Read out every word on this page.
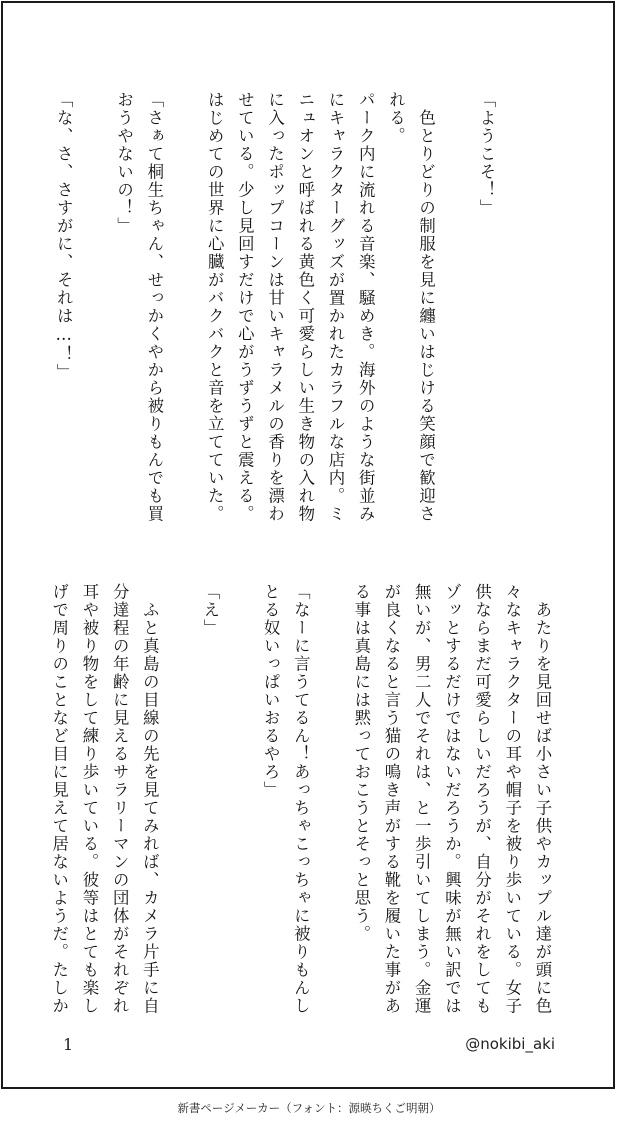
「ようこそ！」

　色とりどりの制服を見に纏いはじける笑顔で歓迎さ
れる。
パーク内に流れる音楽、騒めき。海外のような街並み
にキャラクターグッズが置かれたカラフルな店内。ミ
ニュオンと呼ばれる黄色く可愛らしい生き物の入れ物
に入ったポップコーンは甘いキャラメルの香りを漂わ
せている。少し見回すだけで心がうずうずと震える。
はじめての世界に心臓がバクバクと音を立てていた。

「さぁて桐生ちゃん、せっかくやから被りもんでも買
おうやないの！」

「な、さ、さすがに、それは…！」
　あたりを見回せば小さい子供やカップル達が頭に色
々なキャラクターの耳や帽子を被り歩いている。女子
供ならまだ可愛らしいだろうが、自分がそれをしても
ゾッとするだけではないだろうか。興味が無い訳では
無いが、男二人でそれは、と一歩引いてしまう。金運
が良くなると言う猫の鳴き声がする靴を履いた事があ
る事は真島には黙っておこうとそっと思う。

「なーに言うてるん！あっちゃこっちゃに被りもんし
とる奴いっぱいおるやろ」

「え」

　ふと真島の目線の先を見てみれば、カメラ片手に自
分達程の年齢に見えるサラリーマンの団体がそれぞれ
耳や被り物をして練り歩いている。彼等はとても楽し
げで周りのことなど目に見えて居ないようだ。たしか
1	@nokibi_aki
新書ページメーカー（フォント：源暎ちくご明朝）
